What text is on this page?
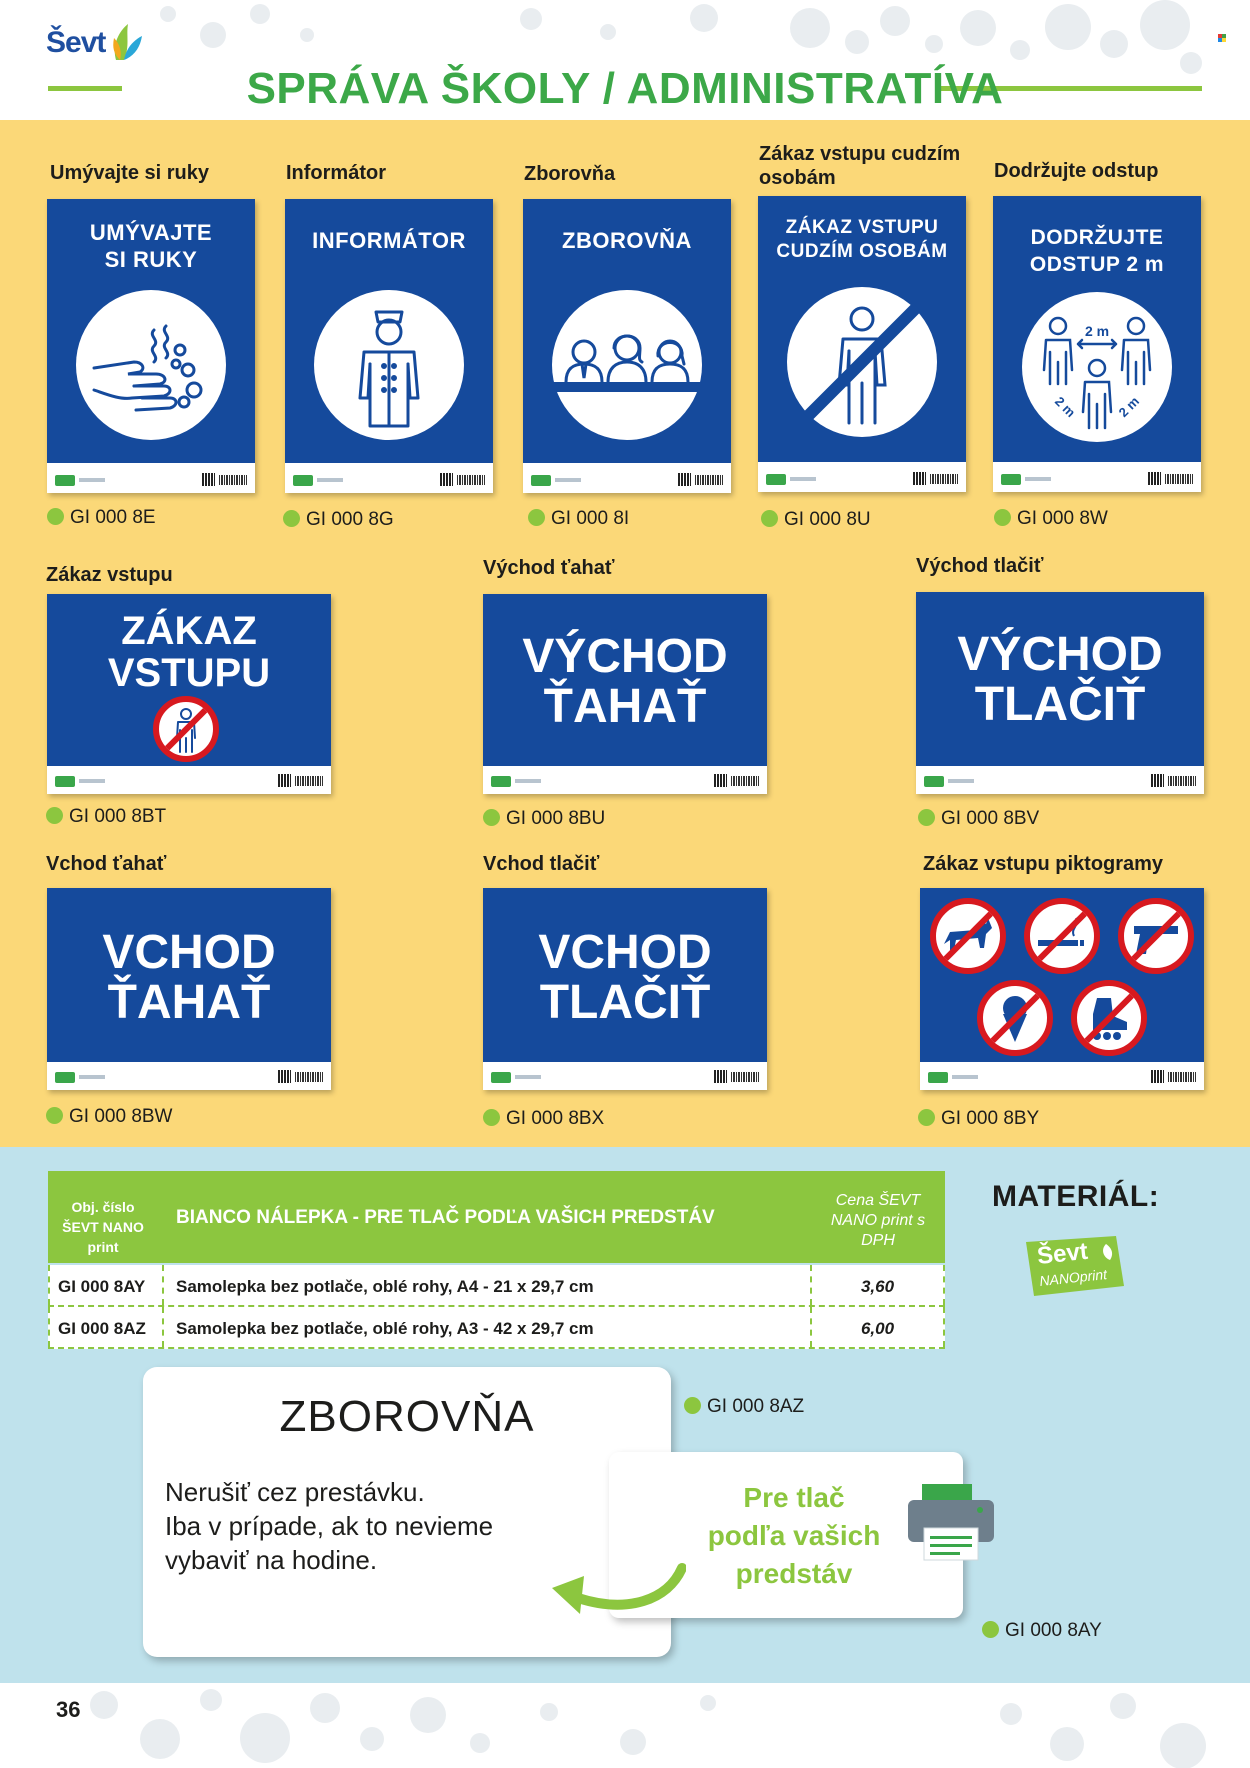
Ševt
SPRÁVA ŠKOLY / ADMINISTRATÍVA
Umývajte si ruky	Informátor	Zborovňa
Zákaz vstupu cudzím
osobám	Dodržujte odstup
UMÝVAJTE
SI RUKY
INFORMÁTOR	ZBOROVŇA
ZÁKAZ VSTUPU
CUDZÍM OSOBÁM
DODRŽUJTE
ODSTUP 2 m
2 m
2 m	2 m
GI 000 8E	GI 000 8G	GI 000 8I	GI 000 8U	GI 000 8W
Zákaz vstupu	Východ ťahať	Východ tlačiť
ZÁKAZ
VSTUPU	VÝCHOD
ŤAHAŤ
VÝCHOD
TLAČIŤ
GI 000 8BT	GI 000 8BU	GI 000 8BV
Vchod ťahať	Vchod tlačiť	Zákaz vstupu piktogramy
VCHOD
ŤAHAŤ
VCHOD
TLAČIŤ
GI 000 8BW	GI 000 8BX	GI 000 8BY
Obj. číslo
ŠEVT NANO
print
BIANCO NÁLEPKA - PRE TLAČ PODĽA VAŠICH PREDSTÁV
Cena ŠEVT
NANO print s
DPH
GI 000 8AY Samolepka bez potlače, oblé rohy, A4 - 21 x 29,7 cm	3,60
GI 000 8AZ Samolepka bez potlače, oblé rohy, A3 - 42 x 29,7 cm	6,00
MATERIÁL:
Ševt
NANOprint
ZBOROVŇA
Nerušiť cez prestávku.
Iba v prípade, ak to nevieme
vybaviť na hodine.
GI 000 8AZ
Pre tlač
podľa vašich
predstáv
GI 000 8AY
36
